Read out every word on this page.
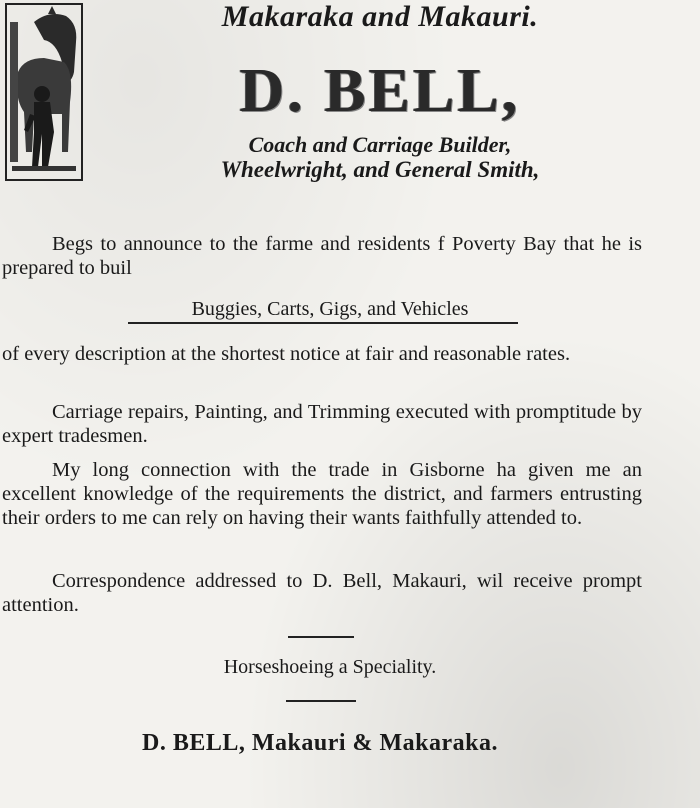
Makaraka and Makauri.
D. BELL,
Coach and Carriage Builder,
Wheelwright, and General Smith,
Begs to announce to the farme and residents f Poverty Bay that he is prepared to buil
Buggies, Carts, Gigs, and Vehicles
of every description at the shortest notice at fair and reasonable rates.
Carriage repairs, Painting, and Trimming executed with promptitude by expert tradesmen.
My long connection with the trade in Gisborne ha given me an excellent knowledge of the requirements the district, and farmers entrusting their orders to me can rely on having their wants faithfully attended to.
Correspondence addressed to D. Bell, Makauri, wil receive prompt attention.
Horseshoeing a Speciality.
D. BELL, Makauri & Makaraka.
